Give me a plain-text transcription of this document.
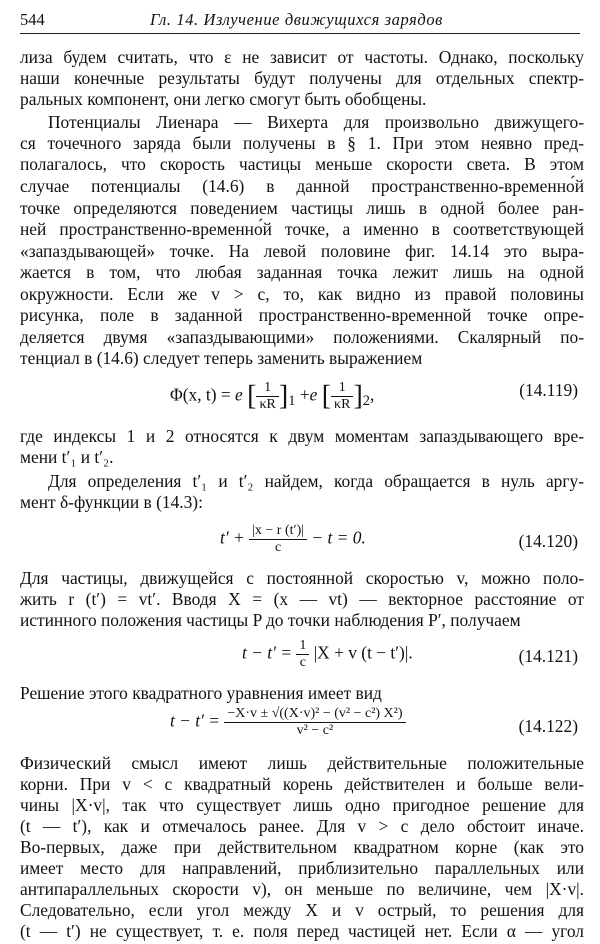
544	Гл. 14. Излучение движущихся зарядов
лиза будем считать, что ε не зависит от частоты. Однако, поскольку
наши конечные результаты будут получены для отдельных спектр-
ральных компонент, они легко смогут быть обобщены.
Потенциалы Лиенара — Вихерта для произвольно движущего-
ся точечного заряда были получены в § 1. При этом неявно пред-
полагалось, что скорость частицы меньше скорости света. В этом
случае потенциалы (14.6) в данной пространственно-временно́й
точке определяются поведением частицы лишь в одной более ран-
ней пространственно-временно́й точке, а именно в соответствующей
«запаздывающей» точке. На левой половине фиг. 14.14 это выра-
жается в том, что любая заданная точка лежит лишь на одной
окружности. Если же v > c, то, как видно из правой половины
рисунка, поле в заданной пространственно-временной точке опре-
деляется двумя «запаздывающими» положениями. Скалярный по-
тенциал в (14.6) следует теперь заменить выражением
Φ(x, t) = e [ $\frac{1}{\kappa R} ]_1 +e$ [ $\frac{1}{\kappa R} ]_2$,	(14.119)
где индексы 1 и 2 относятся к двум моментам запаздывающего вре-
мени t′₁ и t′₂.
Для определения t′₁ и t′₂ найдем, когда обращается в нуль аргу-
мент δ-функции в (14.3):
$t' + \frac{|x - r (t')|}{c} - t = 0$.	(14.120)
Для частицы, движущейся с постоянной скоростью v, можно поло-
жить r (t′) = vt′. Вводя X = (x — vt) — векторное расстояние от
истинного положения частицы P до точки наблюдения P′, получаем
$t - t' = \frac{1}{c} |X + v$ (t − t′)|.	(14.121)
Решение этого квадратного уравнения имеет вид
$t - t' = \frac{\text{−X·v ± √((X·v)² − (v² − c²) X²)}}{\text{v² − c²}}$	(14.122)
Физический смысл имеют лишь действительные положительные
корни. При v < c квадратный корень действителен и больше вели-
чины |X·v|, так что существует лишь одно пригодное решение для
(t — t′), как и отмечалось ранее. Для v > c дело обстоит иначе.
Во-первых, даже при действительном квадратном корне (как это
имеет место для направлений, приблизительно параллельных или
антипараллельных скорости v), он меньше по величине, чем |X·v|.
Следовательно, если угол между X и v острый, то решения для
(t — t′) не существует, т. е. поля перед частицей нет. Если α — угол
